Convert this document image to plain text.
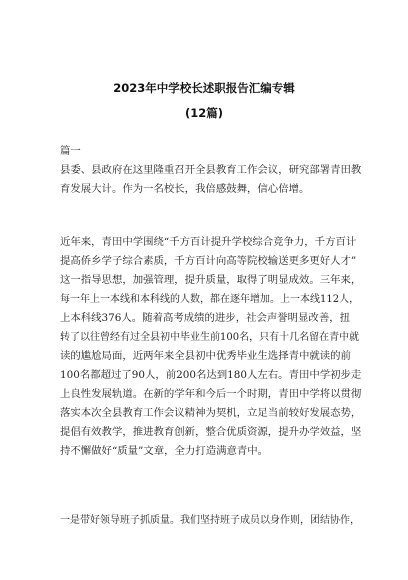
2023年中学校长述职报告汇编专辑
(12篇)
篇一
县委、县政府在这里隆重召开全县教育工作会议，研究部署青田教
育发展大计。作为一名校长，我倍感鼓舞，信心倍增。
近年来，青田中学围绕“千方百计提升学校综合竞争力，千方百计
提高侨乡学子综合素质，千方百计向高等院校输送更多更好人才”
这一指导思想，加强管理，提升质量，取得了明显成效。三年来，
每一年上一本线和本科线的人数，都在逐年增加。上一本线112人，
上本科线376人。随着高考成绩的进步，社会声誉明显改善，扭
转了以往曾经有过全县初中毕业生前100名，只有十几名留在青中就
读的尴尬局面，近两年来全县初中优秀毕业生选择青中就读的前
100名都超过了90人，前200名达到180人左右。青田中学初步走
上良性发展轨道。在新的学年和今后一个时期，青田中学将以贯彻
落实本次全县教育工作会议精神为契机，立足当前较好发展态势，
提倡有效教学，推进教育创新，整合优质资源，提升办学效益，坚
持不懈做好“质量”文章，全力打造满意青中。
一是带好领导班子抓质量。我们坚持班子成员以身作则，团结协作，
